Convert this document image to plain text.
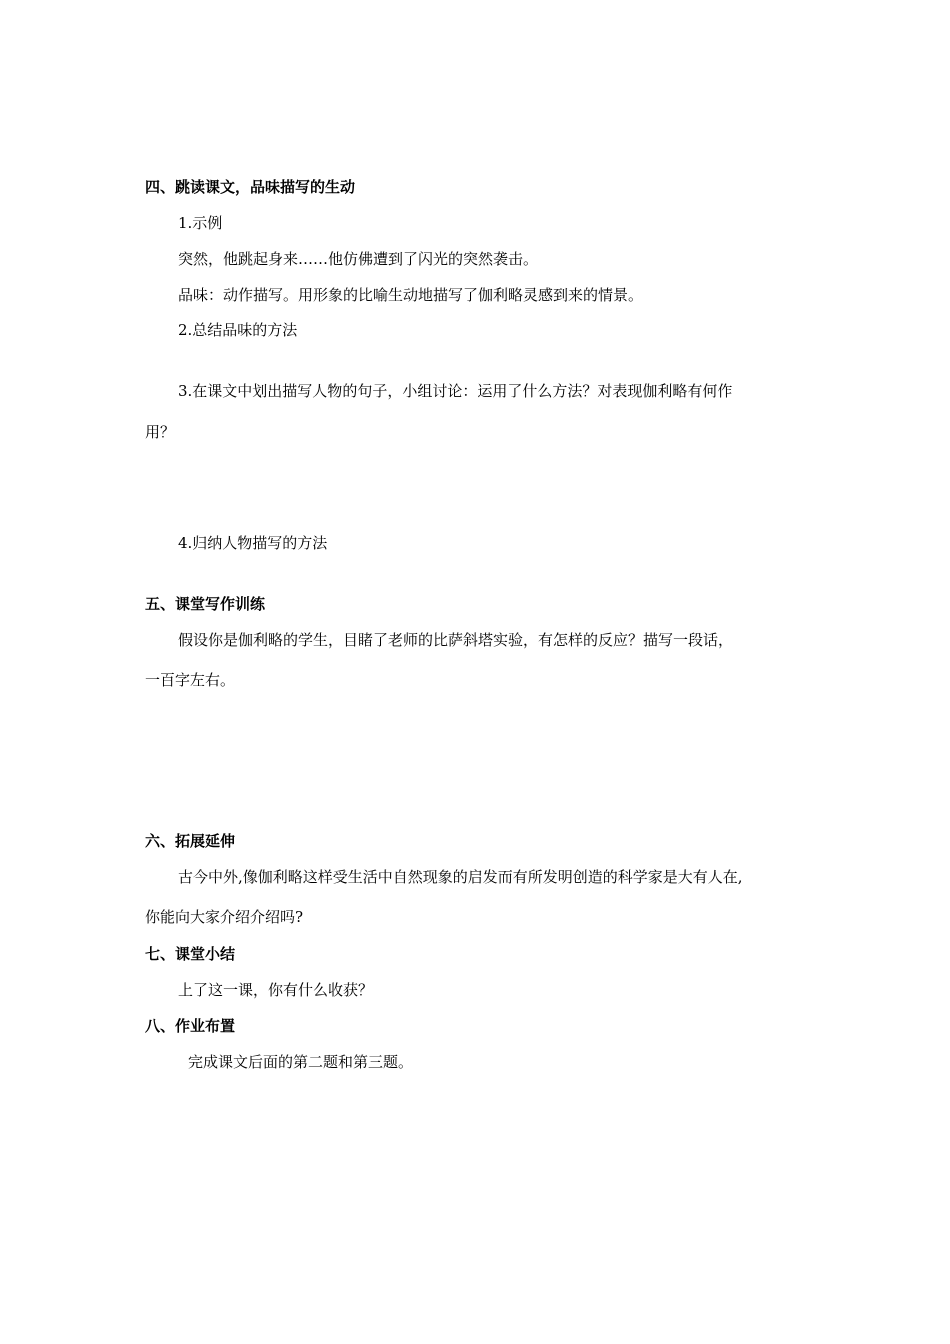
四、跳读课文，品味描写的生动
1.示例
突然，他跳起身来‥‥‥他仿佛遭到了闪光的突然袭击。
品味：动作描写。用形象的比喻生动地描写了伽利略灵感到来的情景。
2.总结品味的方法
3.在课文中划出描写人物的句子，小组讨论：运用了什么方法？对表现伽利略有何作
用？
4.归纳人物描写的方法
五、课堂写作训练
假设你是伽利略的学生，目睹了老师的比萨斜塔实验，有怎样的反应？描写一段话，
一百字左右。
六、拓展延伸
古今中外,像伽利略这样受生活中自然现象的启发而有所发明创造的科学家是大有人在,
你能向大家介绍介绍吗?
七、课堂小结
上了这一课，你有什么收获？
八、作业布置
完成课文后面的第二题和第三题。
